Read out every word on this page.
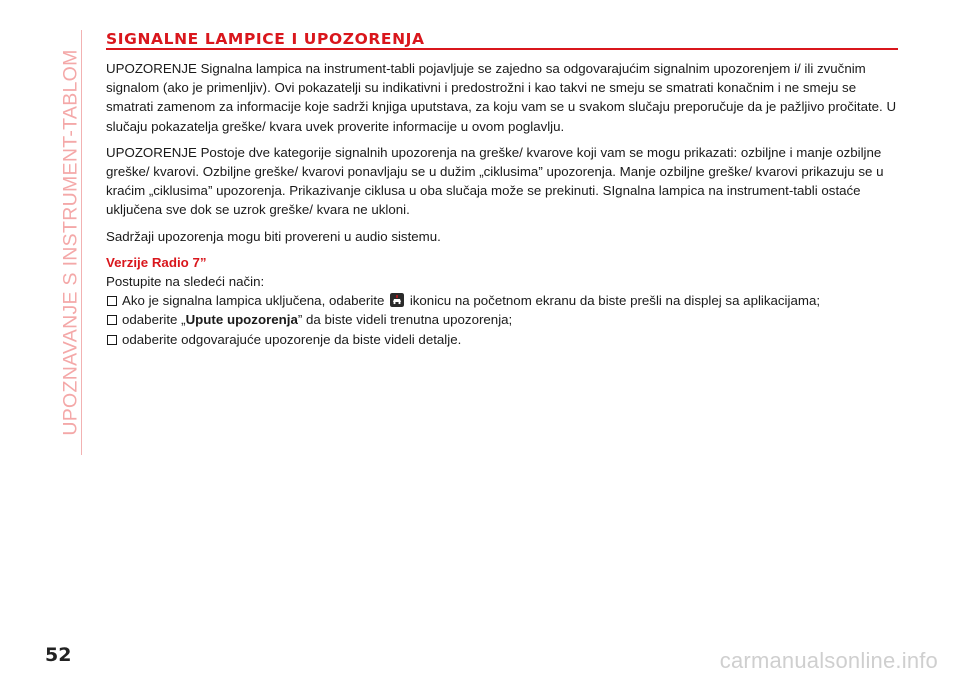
UPOZNAVANJE S INSTRUMENT-TABLOM
SIGNALNE LAMPICE I UPOZORENJA

UPOZORENJE Signalna lampica na instrument-tabli pojavljuje se zajedno sa odgovarajućim signalnim upozorenjem i/ ili zvučnim signalom (ako je primenljiv). Ovi pokazatelji su indikativni i predostrožni i kao takvi ne smeju se smatrati konačnim i ne smeju se smatrati zamenom za informacije koje sadrži knjiga uputstava, za koju vam se u svakom slučaju preporučuje da je pažljivo pročitate. U slučaju pokazatelja greške/ kvara uvek proverite informacije u ovom poglavlju.

UPOZORENJE Postoje dve kategorije signalnih upozorenja na greške/ kvarove koji vam se mogu prikazati: ozbiljne i manje ozbiljne greške/ kvarovi. Ozbiljne greške/ kvarovi ponavljaju se u dužim „ciklusima” upozorenja. Manje ozbiljne greške/ kvarovi prikazuju se u kraćim „ciklusima” upozorenja. Prikazivanje ciklusa u oba slučaja može se prekinuti. SIgnalna lampica na instrument-tabli ostaće uključena sve dok se uzrok greške/ kvara ne ukloni.

Sadržaji upozorenja mogu biti provereni u audio sistemu.

Verzije Radio 7”
Postupite na sledeći način:
Ako je signalna lampica uključena, odaberite ikonicu na početnom ekranu da biste prešli na displej sa aplikacijama;
odaberite „Upute upozorenja” da biste videli trenutna upozorenja;
odaberite odgovarajuće upozorenje da biste videli detalje.
52	carmanualsonline.info
